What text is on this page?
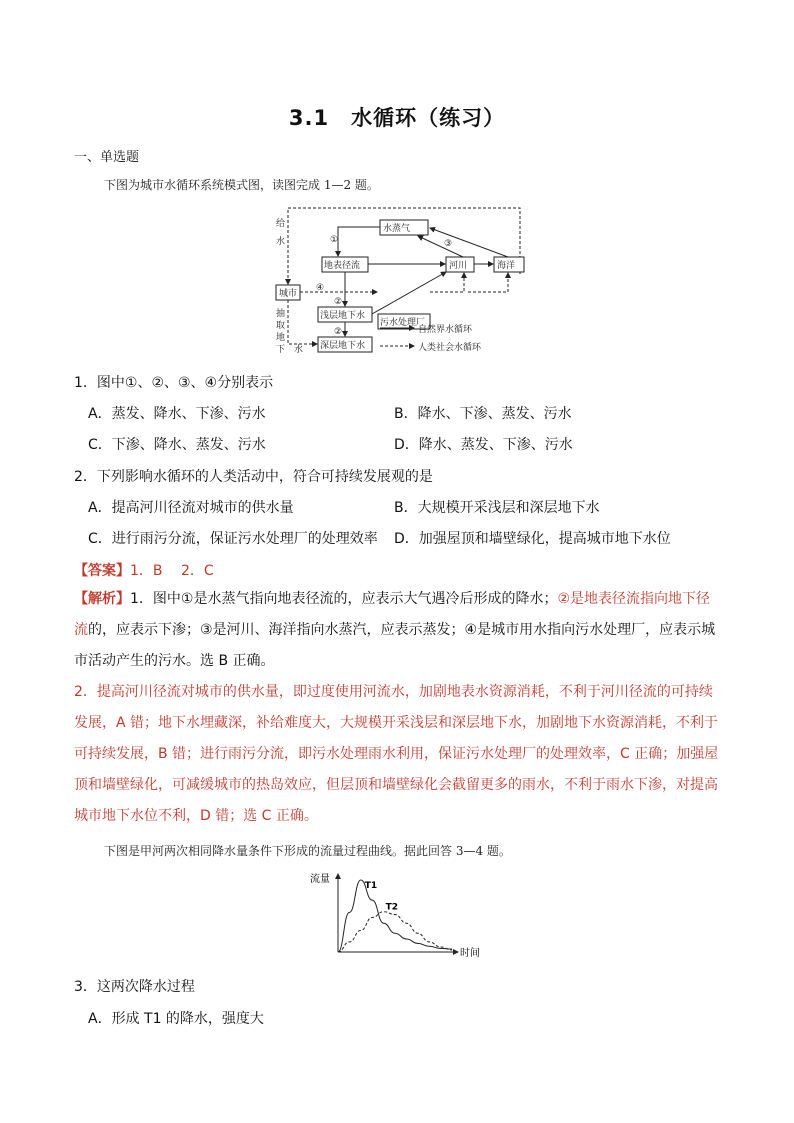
3.1　水循环（练习）
一、单选题
下图为城市水循环系统模式图，读图完成 1—2 题。
给
水
抽
取
地
下 水
水蒸气
地表径流	河川	海洋
城市
污水处理厂
浅层地下水
深层地下水
①
②
②
③
④
自然界水循环
人类社会水循环
1．图中①、②、③、④分别表示
A．蒸发、降水、下渗、污水	B．降水、下渗、蒸发、污水
C．下渗、降水、蒸发、污水	D．降水、蒸发、下渗、污水
2．下列影响水循环的人类活动中，符合可持续发展观的是
A．提高河川径流对城市的供水量	B．大规模开采浅层和深层地下水
C．进行雨污分流，保证污水处理厂的处理效率 D．加强屋顶和墙壁绿化，提高城市地下水位
【答案】1．B　 2．C
【解析】1．图中①是水蒸气指向地表径流的，应表示大气遇冷后形成的降水；②是地表径流指向地下径流的，应表示下渗；③是河川、海洋指向水蒸汽，应表示蒸发；④是城市用水指向污水处理厂，应表示城市活动产生的污水。选 B 正确。
2．提高河川径流对城市的供水量，即过度使用河流水，加剧地表水资源消耗，不利于河川径流的可持续发展，A 错；地下水埋藏深，补给难度大，大规模开采浅层和深层地下水，加剧地下水资源消耗，不利于可持续发展，B 错；进行雨污分流，即污水处理雨水利用，保证污水处理厂的处理效率，C 正确；加强屋顶和墙壁绿化，可减缓城市的热岛效应，但层顶和墙壁绿化会截留更多的雨水，不利于雨水下渗，对提高城市地下水位不利，D 错；选 C 正确。
下图是甲河两次相同降水量条件下形成的流量过程曲线。据此回答 3—4 题。
流量
时间
T1
T2
3．这两次降水过程
A．形成 T1 的降水，强度大
